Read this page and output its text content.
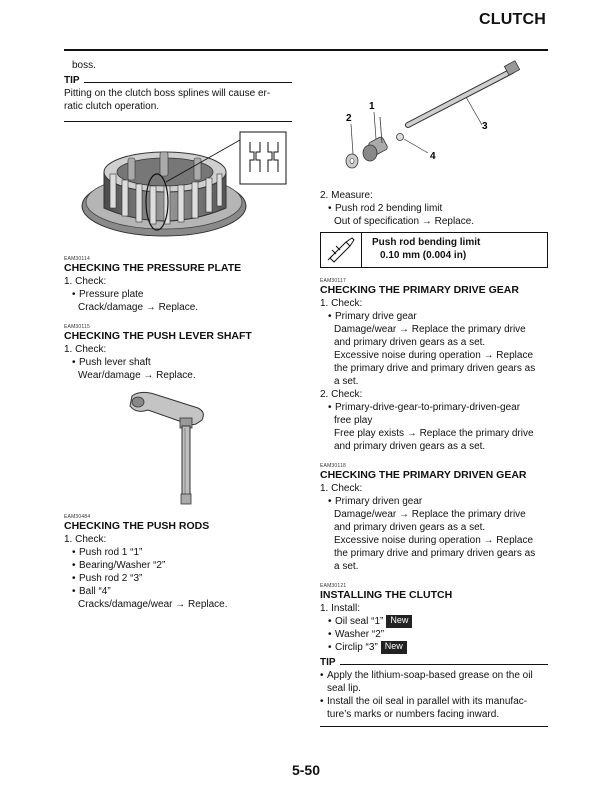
CLUTCH

boss.

TIP

Pitting on the clutch boss splines will cause er-

ratic clutch operation.

EAM30114

CHECKING THE PRESSURE PLATE

1. Check:

• Pressure plate

Crack/damage → Replace.

EAM30115

CHECKING THE PUSH LEVER SHAFT

1. Check:

• Push lever shaft

Wear/damage → Replace.

EAM30484

CHECKING THE PUSH RODS

1. Check:

• Push rod 1 “1”
• Bearing/Washer “2”
• Push rod 2 “3”
• Ball “4”

Cracks/damage/wear → Replace.

1
2
3
4

2. Measure:

• Push rod 2 bending limit

Out of specification → Replace.

Push rod bending limit

0.10 mm (0.004 in)

EAM30117

CHECKING THE PRIMARY DRIVE GEAR

1. Check:

• Primary drive gear

Damage/wear → Replace the primary drive

and primary driven gears as a set.

Excessive noise during operation → Replace

the primary drive and primary driven gears as

a set.

2. Check:

• Primary-drive-gear-to-primary-driven-gear

free play

Free play exists → Replace the primary drive

and primary driven gears as a set.

EAM30118

CHECKING THE PRIMARY DRIVEN GEAR

1. Check:

• Primary driven gear

Damage/wear → Replace the primary drive

and primary driven gears as a set.

Excessive noise during operation → Replace

the primary drive and primary driven gears as

a set.

EAM30121

INSTALLING THE CLUTCH

1. Install:

• Oil seal “1” New
• Washer “2”
• Circlip “3” New
TIP
• Apply the lithium-soap-based grease on the oil

seal lip.

• Install the oil seal in parallel with its manufac-

ture’s marks or numbers facing inward.

5-50
